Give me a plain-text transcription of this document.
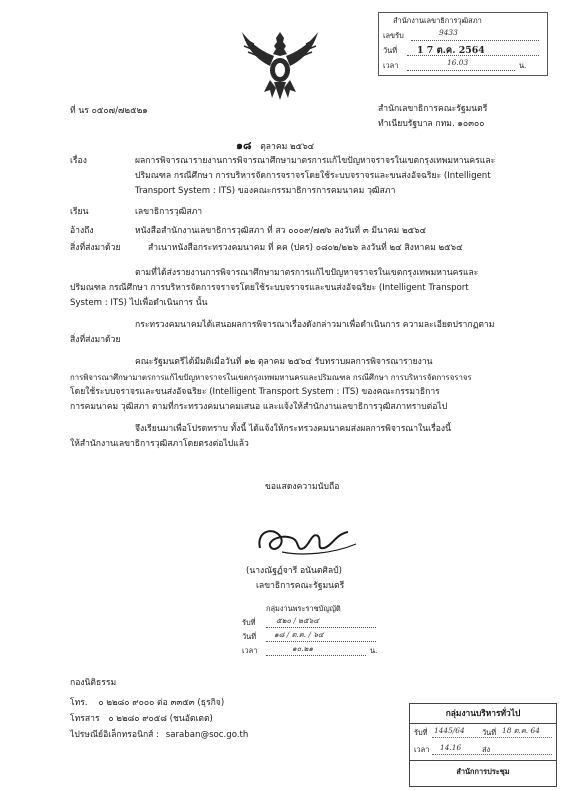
สำนักงานเลขาธิการวุฒิสภา
เลขรับ	9433
วันที่ 1 7 ต.ค. 2564
เวลา	16.03	น.
ที่ นร ๐๕๐๗/๗๒๕๒๑	สำนักเลขาธิการคณะรัฐมนตรี
ทำเนียบรัฐบาล กทม. ๑๐๓๐๐
๑๘ ตุลาคม ๒๕๖๔
เรื่อง	ผลการพิจารณารายงานการพิจารณาศึกษามาตรการแก้ไขปัญหาจราจรในเขตกรุงเทพมหานครและ
ปริมณฑล กรณีศึกษา การบริหารจัดการจราจรโดยใช้ระบบจราจรและขนส่งอัจฉริยะ (Intelligent
Transport System : ITS) ของคณะกรรมาธิการการคมนาคม วุฒิสภา
เรียน	เลขาธิการวุฒิสภา
อ้างถึง	หนังสือสำนักงานเลขาธิการวุฒิสภา ที่ สว ๐๐๐๙/๗๗๖ ลงวันที่ ๓ มีนาคม ๒๕๖๔
สิ่งที่ส่งมาด้วย	สำเนาหนังสือกระทรวงคมนาคม ที่ คค (ปคร) ๐๘๐๒/๒๒๖ ลงวันที่ ๒๔ สิงหาคม ๒๕๖๔
ตามที่ได้ส่งรายงานการพิจารณาศึกษามาตรการแก้ไขปัญหาจราจรในเขตกรุงเทพมหานครและ
ปริมณฑล กรณีศึกษา การบริหารจัดการจราจรโดยใช้ระบบจราจรและขนส่งอัจฉริยะ (Intelligent Transport
System : ITS) ไปเพื่อดำเนินการ นั้น
กระทรวงคมนาคมได้เสนอผลการพิจารณาเรื่องดังกล่าวมาเพื่อดำเนินการ ความละเอียดปรากฏตาม
สิ่งที่ส่งมาด้วย
คณะรัฐมนตรีได้มีมติเมื่อวันที่ ๑๒ ตุลาคม ๒๕๖๔ รับทราบผลการพิจารณารายงาน
การพิจารณาศึกษามาตรการแก้ไขปัญหาจราจรในเขตกรุงเทพมหานครและปริมณฑล กรณีศึกษา การบริหารจัดการจราจร
โดยใช้ระบบจราจรและขนส่งอัจฉริยะ (Intelligent Transport System : ITS) ของคณะกรรมาธิการ
การคมนาคม วุฒิสภา ตามที่กระทรวงคมนาคมเสนอ และแจ้งให้สำนักงานเลขาธิการวุฒิสภาทราบต่อไป
จึงเรียนมาเพื่อโปรดทราบ ทั้งนี้ ได้แจ้งให้กระทรวงคมนาคมส่งผลการพิจารณาในเรื่องนี้
ให้สำนักงานเลขาธิการวุฒิสภาโดยตรงต่อไปแล้ว
ขอแสดงความนับถือ
(นางณัฐฏ์จารี อนันตศิลป์)
เลขาธิการคณะรัฐมนตรี
กลุ่มงานพระราชบัญญัติ
รับที่	๕๒๐ / ๒๕๖๔
วันที่ ๑๘ / ต.ค. / ๖๔
เวลา	๑๐.๒๑	น.
กลุ่มงานบริหารทั่วไป
รับที่ 1445/64 วันที่ 18 ต.ค. 64
เวลา 14.16	ส่ง
สำนักการประชุม
กองนิติธรรม
โทร. ๐ ๒๒๘๐ ๙๐๐๐ ต่อ ๓๓๕๓ (ธุรกิจ)
โทรสาร ๐ ๒๒๘๐ ๙๐๕๘ (ชนอัตเตต)
ไปรษณีย์อิเล็กทรอนิกส์ : saraban@soc.go.th
